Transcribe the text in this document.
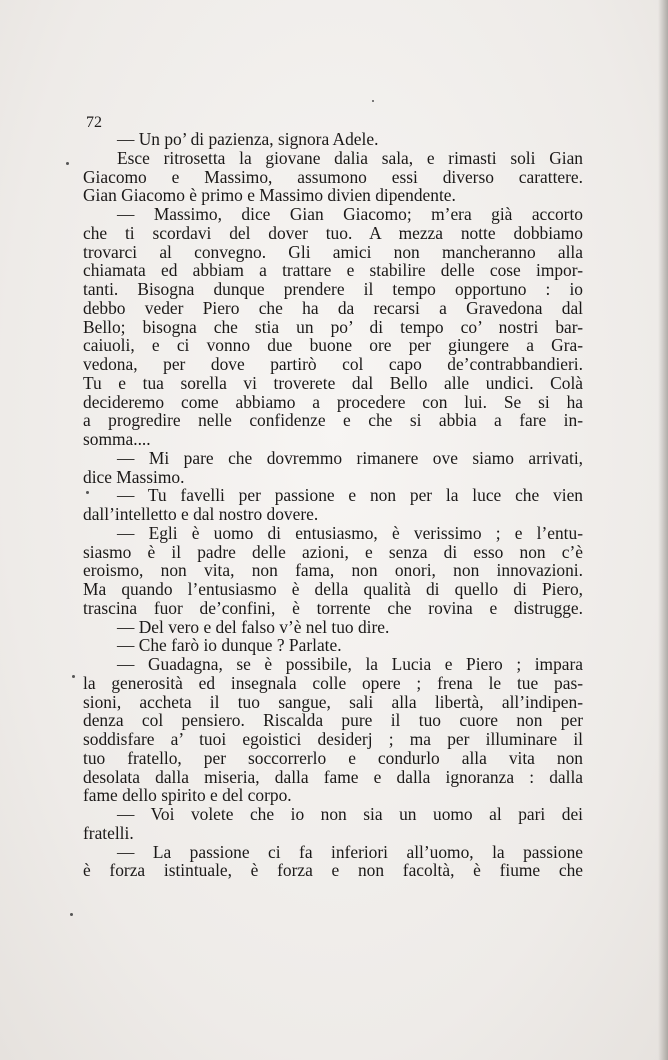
72
— Un po’ di pazienza, signora Adele.
Esce ritrosetta la giovane dalia sala, e rimasti soli Gian
Giacomo e Massimo, assumono essi diverso carattere.
Gian Giacomo è primo e Massimo divien dipendente.
— Massimo, dice Gian Giacomo; m’era già accorto
che ti scordavi del dover tuo. A mezza notte dobbiamo
trovarci al convegno. Gli amici non mancheranno alla
chiamata ed abbiam a trattare e stabilire delle cose impor-
tanti. Bisogna dunque prendere il tempo opportuno : io
debbo veder Piero che ha da recarsi a Gravedona dal
Bello; bisogna che stia un po’ di tempo co’ nostri bar-
caiuoli, e ci vonno due buone ore per giungere a Gra-
vedona, per dove partirò col capo de’contrabbandieri.
Tu e tua sorella vi troverete dal Bello alle undici. Colà
decideremo come abbiamo a procedere con lui. Se si ha
a progredire nelle confidenze e che si abbia a fare in-
somma....
— Mi pare che dovremmo rimanere ove siamo arrivati,
dice Massimo.
— Tu favelli per passione e non per la luce che vien
dall’intelletto e dal nostro dovere.
— Egli è uomo di entusiasmo, è verissimo ; e l’entu-
siasmo è il padre delle azioni, e senza di esso non c’è
eroismo, non vita, non fama, non onori, non innovazioni.
Ma quando l’entusiasmo è della qualità di quello di Piero,
trascina fuor de’confini, è torrente che rovina e distrugge.
— Del vero e del falso v’è nel tuo dire.
— Che farò io dunque ? Parlate.
— Guadagna, se è possibile, la Lucia e Piero ; impara
la generosità ed insegnala colle opere ; frena le tue pas-
sioni, accheta il tuo sangue, sali alla libertà, all’indipen-
denza col pensiero. Riscalda pure il tuo cuore non per
soddisfare a’ tuoi egoistici desiderj ; ma per illuminare il
tuo fratello, per soccorrerlo e condurlo alla vita non
desolata dalla miseria, dalla fame e dalla ignoranza : dalla
fame dello spirito e del corpo.
— Voi volete che io non sia un uomo al pari dei
fratelli.
— La passione ci fa inferiori all’uomo, la passione
è forza istintuale, è forza e non facoltà, è fiume che
